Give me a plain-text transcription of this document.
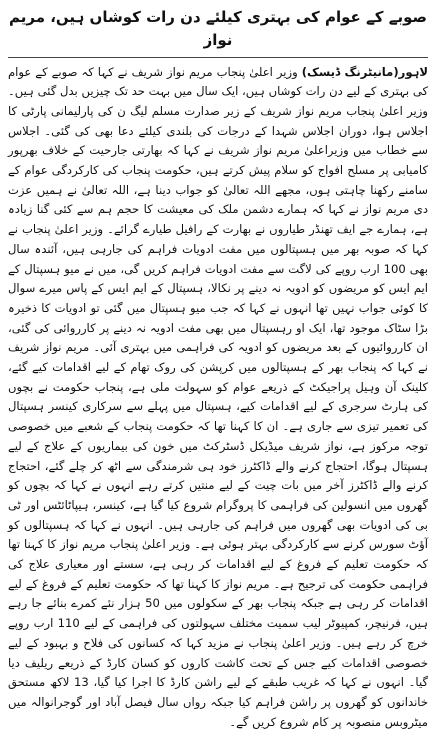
صوبے کے عوام کی بہتری کیلئے دن رات کوشاں ہیں، مریم نواز

لاہور(مانیٹرنگ ڈیسک) وزیر اعلیٰ پنجاب مریم نواز شریف نے کہا کہ صوبے کے عوام کی بہتری کے لیے دن رات کوشاں ہیں، ایک سال میں بہت حد تک چیزیں بدل گئی ہیں۔ وزیر اعلیٰ پنجاب مریم نواز شریف کے زیر صدارت مسلم لیگ ن کی پارلیمانی پارٹی کا اجلاس ہوا، دوران اجلاس شہدا کے درجات کی بلندی کیلئے دعا بھی کی گئی۔ اجلاس سے خطاب میں وزیراعلیٰ مریم نواز شریف نے کہا کہ بھارتی جارحیت کے خلاف بھرپور کامیابی پر مسلح افواج کو سلام پیش کرتے ہیں، حکومت پنجاب کی کارکردگی عوام کے سامنے رکھنا چاہتی ہوں، مجھے اللہ تعالیٰ کو جواب دینا ہے، اللہ تعالیٰ نے ہمیں عزت دی مریم نواز نے کہا کہ ہمارے دشمن ملک کی معیشت کا حجم ہم سے کئی گنا زیادہ ہے، ہمارے جے ایف تھنڈر طیاروں نے بھارت کے رافیل طیارے گرائے۔ وزیر اعلیٰ پنجاب نے کہا کہ صوبہ بھر میں ہسپتالوں میں مفت ادویات فراہم کی جارہی ہیں، آئندہ سال بھی 100 ارب روپے کی لاگت سے مفت ادویات فراہم کریں گی، میں نے میو ہسپتال کے ایم ایس کو مریضوں کو ادویہ نہ دینے پر نکالا، ہسپتال کے ایم ایس کے پاس میرے سوال کا کوئی جواب نہیں تھا انہوں نے کہا کہ جب میو ہسپتال میں گئی تو ادویات کا ذخیرہ بڑا سٹاک موجود تھا، ایک او رہسپتال میں بھی مفت ادویہ نہ دینے پر کارروائی کی گئی، ان کارروائیوں کے بعد مریضوں کو ادویہ کی فراہمی میں بہتری آئی۔ مریم نواز شریف نے کہا کہ پنجاب بھر کے ہسپتالوں میں کرپشن کی روک تھام کے لیے اقدامات کیے گئے، کلینک آن وہیل پراجیکٹ کے ذریعے عوام کو سہولت ملی ہے، پنجاب حکومت نے بچوں کی ہارٹ سرجری کے لیے اقدامات کیے، ہسپتال میں پہلے سے سرکاری کینسر ہسپتال کی تعمیر تیزی سے جاری ہے۔ ان کا کہنا تھا کہ حکومت پنجاب کے شعبے میں خصوصی توجہ مرکوز ہے، نواز شریف میڈیکل ڈسٹرکٹ میں خون کی بیماریوں کے علاج کے لیے ہسپتال ہوگا، احتجاج کرنے والے ڈاکٹرز خود ہی شرمندگی سے اٹھ کر چلے گئے، احتجاج کرنے والے ڈاکٹرز آخر میں بات چیت کے لیے منتیں کرتے رہے انہوں نے کہا کہ بچوں کو گھروں میں انسولین کی فراہمی کا پروگرام شروع کیا گیا ہے، کینسر، ہیپاٹائٹس اور ٹی بی کی ادویات بھی گھروں میں فراہم کی جارہی ہیں۔ انہوں نے کہا کہ ہسپتالوں کو آؤٹ سورس کرنے سے کارکردگی بہتر ہوئی ہے۔ وزیر اعلیٰ پنجاب مریم نواز کا کہنا تھا کہ حکومت تعلیم کے فروغ کے لیے اقدامات کر رہی ہے، سستے اور معیاری علاج کی فراہمی حکومت کی ترجیح ہے۔ مریم نواز کا کہنا تھا کہ حکومت تعلیم کے فروغ کے لیے اقدامات کر رہی ہے جبکہ پنجاب بھر کے سکولوں میں 50 ہزار نئے کمرے بنائے جا رہے ہیں، فرنیچر، کمپیوٹر لیب سمیت مختلف سہولتوں کی فراہمی کے لیے 110 ارب روپے خرچ کر رہے ہیں۔ وزیر اعلیٰ پنجاب نے مزید کہا کہ کسانوں کی فلاح و بہبود کے لیے خصوصی اقدامات کیے جس کے تحت کاشت کاروں کو کسان کارڈ کے ذریعے ریلیف دیا گیا۔ انہوں نے کہا کہ غریب طبقے کے لیے راشن کارڈ کا اجرا کیا گیا، 13 لاکھ مستحق خاندانوں کو گھروں پر راشن فراہم کیا جبکہ رواں سال فیصل آباد اور گوجرانوالہ میں میٹروبس منصوبہ پر کام شروع کریں گے۔
